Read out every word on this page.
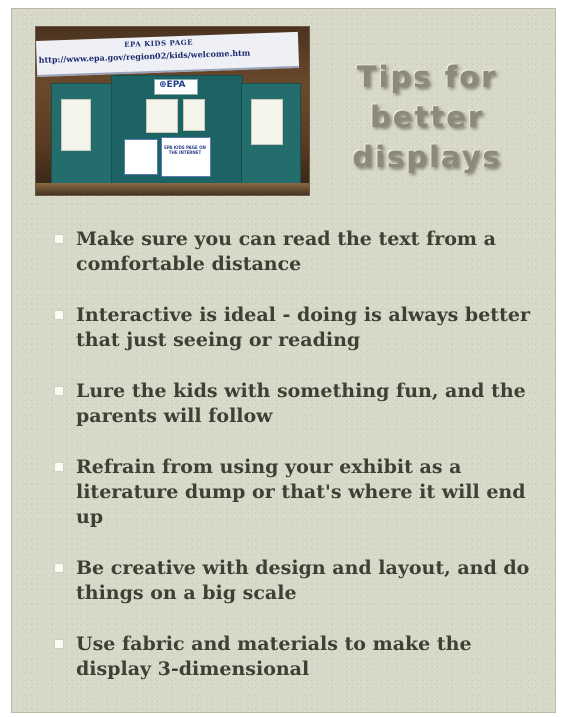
EPA KIDS PAGE
http://www.epa.gov/region02/kids/welcome.htm
⊕EPA
EPA KIDS PAGE ON THE INTERNET
Tips for
better
displays
Make sure you can read the text from a comfortable distance
Interactive is ideal - doing is always better that just seeing or reading
Lure the kids with something fun, and the parents will follow
Refrain from using your exhibit as a literature dump or that's where it will end up
Be creative with design and layout, and do things on a big scale
Use fabric and materials to make the display 3-dimensional
